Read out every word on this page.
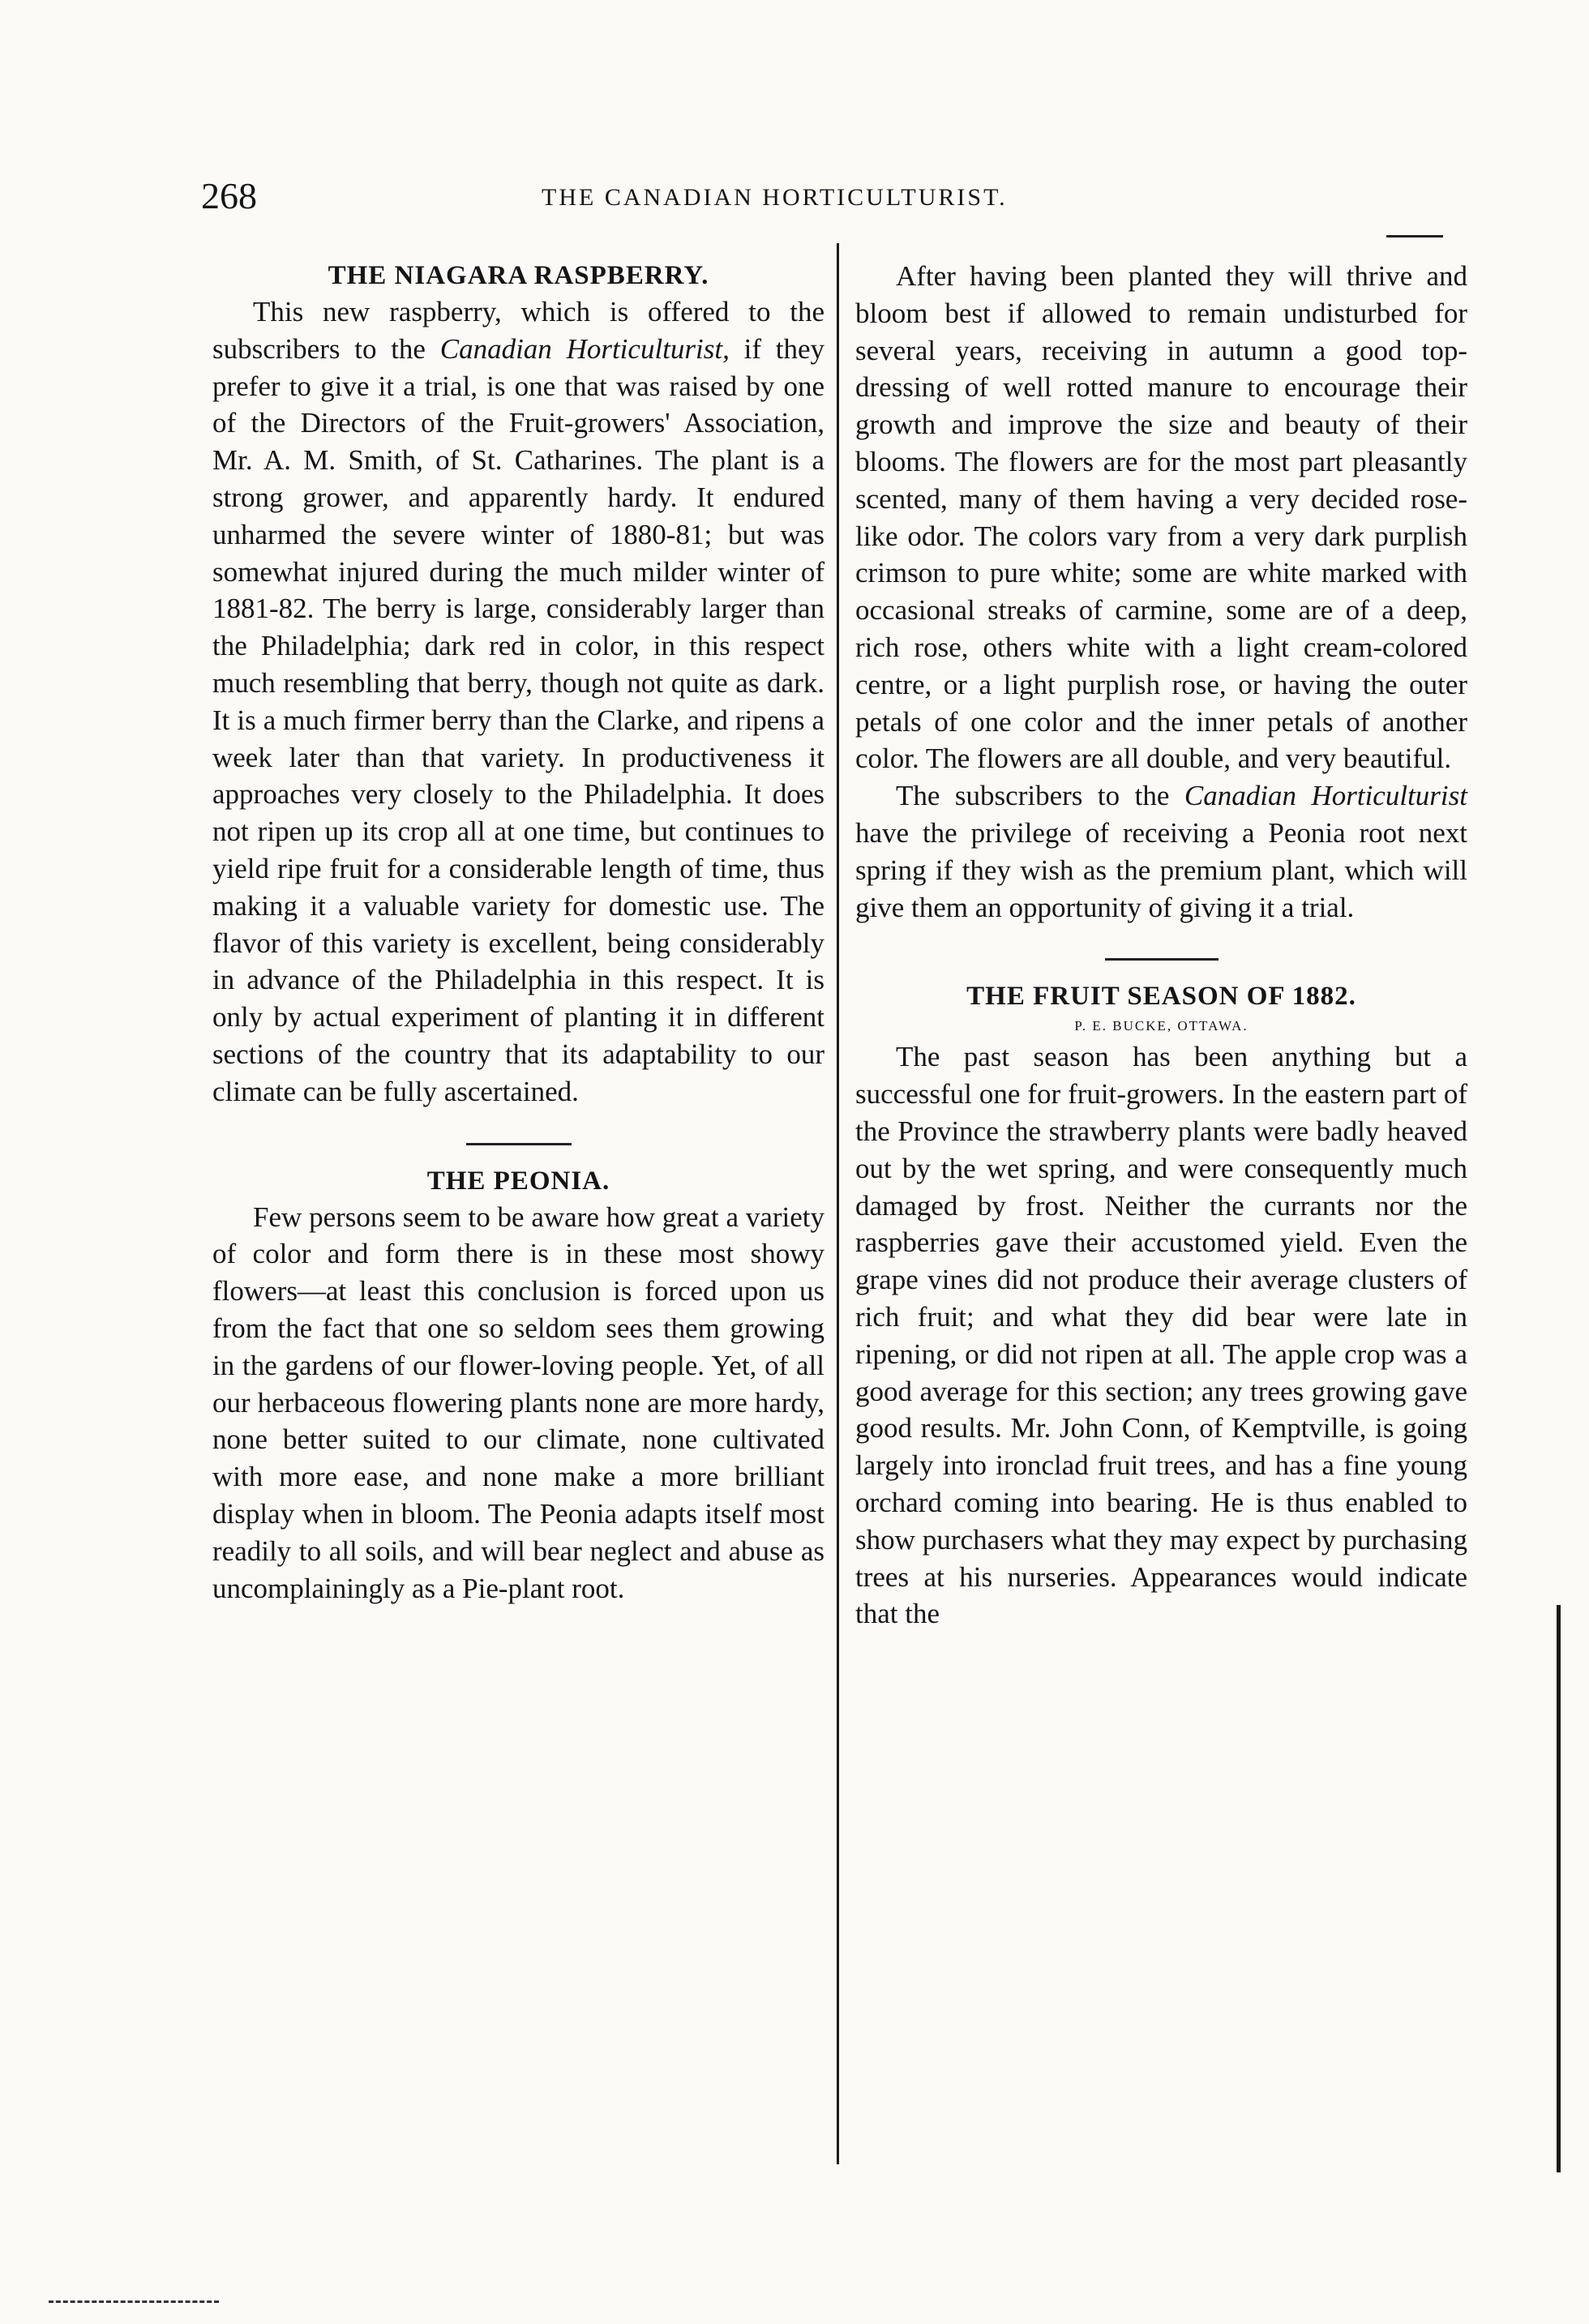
268	THE CANADIAN HORTICULTURIST.
THE NIAGARA RASPBERRY.

This new raspberry, which is offered to the subscribers to the Canadian Horticulturist, if they prefer to give it a trial, is one that was raised by one of the Directors of the Fruit-growers' Association, Mr. A. M. Smith, of St. Catharines. The plant is a strong grower, and apparently hardy. It endured unharmed the severe winter of 1880-81; but was somewhat injured during the much milder winter of 1881-82. The berry is large, considerably larger than the Philadelphia; dark red in color, in this respect much resembling that berry, though not quite as dark. It is a much firmer berry than the Clarke, and ripens a week later than that variety. In productiveness it approaches very closely to the Philadelphia. It does not ripen up its crop all at one time, but continues to yield ripe fruit for a considerable length of time, thus making it a valuable variety for domestic use. The flavor of this variety is excellent, being considerably in advance of the Philadelphia in this respect. It is only by actual experiment of planting it in different sections of the country that its adaptability to our climate can be fully ascertained.

THE PEONIA.

Few persons seem to be aware how great a variety of color and form there is in these most showy flowers—at least this conclusion is forced upon us from the fact that one so seldom sees them growing in the gardens of our flower-loving people. Yet, of all our herbaceous flowering plants none are more hardy, none better suited to our climate, none cultivated with more ease, and none make a more brilliant display when in bloom. The Peonia adapts itself most readily to all soils, and will bear neglect and abuse as uncomplainingly as a Pie-plant root.

After having been planted they will thrive and bloom best if allowed to remain undisturbed for several years, receiving in autumn a good top-dressing of well rotted manure to encourage their growth and improve the size and beauty of their blooms. The flowers are for the most part pleasantly scented, many of them having a very decided rose-like odor. The colors vary from a very dark purplish crimson to pure white; some are white marked with occasional streaks of carmine, some are of a deep, rich rose, others white with a light cream-colored centre, or a light purplish rose, or having the outer petals of one color and the inner petals of another color. The flowers are all double, and very beautiful.

The subscribers to the Canadian Horticulturist have the privilege of receiving a Peonia root next spring if they wish as the premium plant, which will give them an opportunity of giving it a trial.

THE FRUIT SEASON OF 1882.

P. E. BUCKE, OTTAWA.

The past season has been anything but a successful one for fruit-growers. In the eastern part of the Province the strawberry plants were badly heaved out by the wet spring, and were consequently much damaged by frost. Neither the currants nor the raspberries gave their accustomed yield. Even the grape vines did not produce their average clusters of rich fruit; and what they did bear were late in ripening, or did not ripen at all. The apple crop was a good average for this section; any trees growing gave good results. Mr. John Conn, of Kemptville, is going largely into ironclad fruit trees, and has a fine young orchard coming into bearing. He is thus enabled to show purchasers what they may expect by purchasing trees at his nurseries. Appearances would indicate that the
